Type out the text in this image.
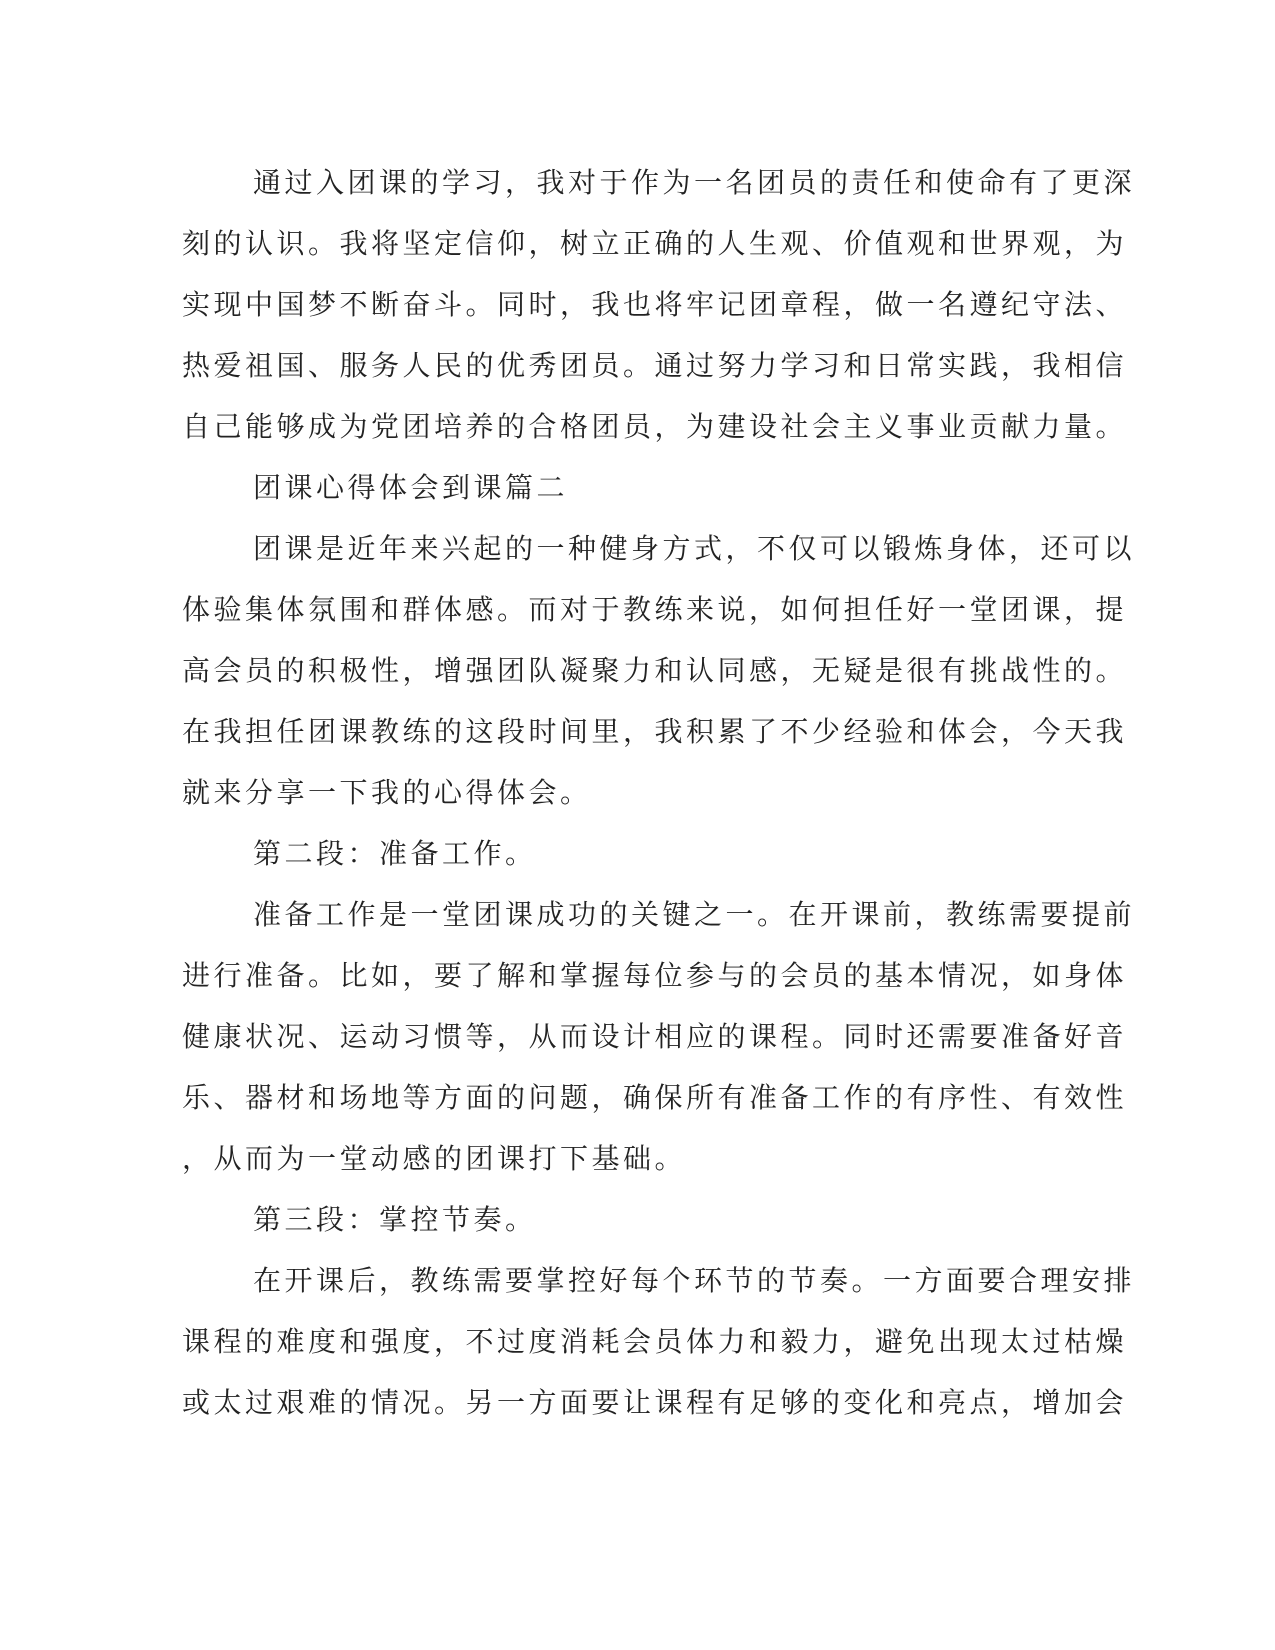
通过入团课的学习，我对于作为一名团员的责任和使命有了更深
刻的认识。我将坚定信仰，树立正确的人生观、价值观和世界观，为
实现中国梦不断奋斗。同时，我也将牢记团章程，做一名遵纪守法、
热爱祖国、服务人民的优秀团员。通过努力学习和日常实践，我相信
自己能够成为党团培养的合格团员，为建设社会主义事业贡献力量。
团课心得体会到课篇二
团课是近年来兴起的一种健身方式，不仅可以锻炼身体，还可以
体验集体氛围和群体感。而对于教练来说，如何担任好一堂团课，提
高会员的积极性，增强团队凝聚力和认同感，无疑是很有挑战性的。
在我担任团课教练的这段时间里，我积累了不少经验和体会，今天我
就来分享一下我的心得体会。
第二段：准备工作。
准备工作是一堂团课成功的关键之一。在开课前，教练需要提前
进行准备。比如，要了解和掌握每位参与的会员的基本情况，如身体
健康状况、运动习惯等，从而设计相应的课程。同时还需要准备好音
乐、器材和场地等方面的问题，确保所有准备工作的有序性、有效性
，从而为一堂动感的团课打下基础。
第三段：掌控节奏。
在开课后，教练需要掌控好每个环节的节奏。一方面要合理安排
课程的难度和强度，不过度消耗会员体力和毅力，避免出现太过枯燥
或太过艰难的情况。另一方面要让课程有足够的变化和亮点，增加会
